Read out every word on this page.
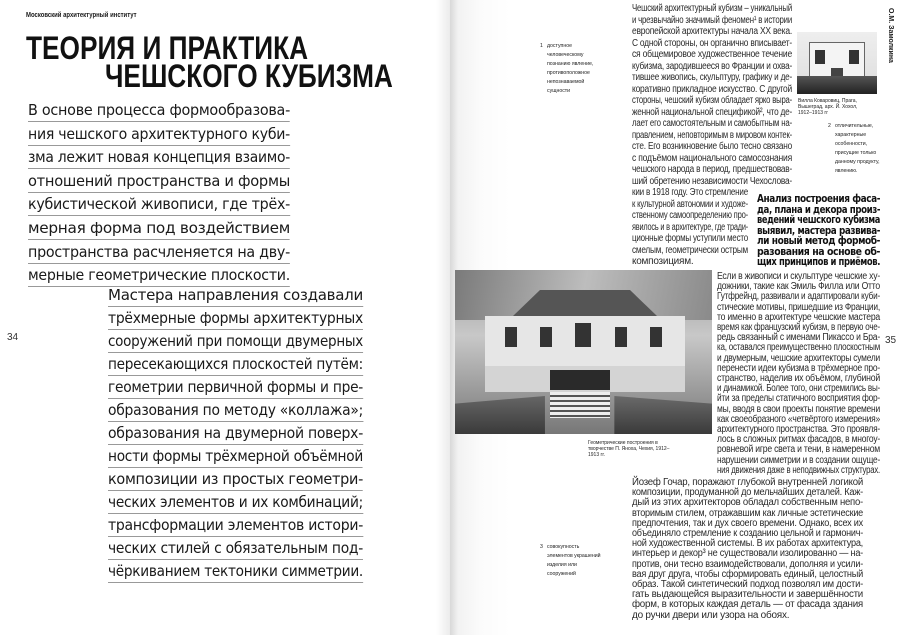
Московский архитектурный институт
ТЕОРИЯ И ПРАКТИКА
ЧЕШСКОГО КУБИЗМА
В основе процесса формообразова-
ния чешского архитектурного куби-
зма лежит новая концепция взаимо-
отношений пространства и формы
кубистической живописи, где трёх-
мерная форма под воздействием
пространства расчленяется на дву-
мерные геометрические плоскости.
Мастера направления создавали
трёхмерные формы архитектурных
сооружений при помощи двумерных
пересекающихся плоскостей путём:
геометрии первичной формы и пре-
образования по методу «коллажа»;
образования на двумерной поверх-
ности формы трёхмерной объёмной
композиции из простых геометри-
ческих элементов и их комбинаций;
трансформации элементов истори-
ческих стилей с обязательным под-
чёркиванием тектоники симметрии.
34
О.М. Замолкина
Чешский архитектурный кубизм – уникальный
и чрезвычайно значимый феномен¹ в истории
европейской архитектуры начала XX века.
С одной стороны, он органично вписывает-
ся общемировое художественное течение
кубизма, зародившееся во Франции и охва-
тившее живопись, скульптуру, графику и де-
коративно прикладное искусство. С другой
стороны, чешский кубизм обладает ярко выра-
женной национальной спецификой², что де-
лает его самостоятельным и самобытным на-
правлением, неповторимым в мировом контек-
сте. Его возникновение было тесно связано
с подъёмом национального самосознания
чешского народа в период, предшествовав-
ший обретению независимости Чехослова-
кии в 1918 году. Это стремление
к культурной автономии и художе-
ственному самоопределению про-
явилось и в архитектуре, где тради-
ционные формы уступили место
смелым, геометрически острым
композициям.
Анализ построения фаса-
да, плана и декора произ-
ведений чешского кубизма
выявил, мастера развива-
ли новый метод формоб-
разования на основе об-
щих принципов и приёмов.
Если в живописи и скульптуре чешские ху-
дожники, такие как Эмиль Филла или Отто
Гутфрейнд, развивали и адаптировали куби-
стические мотивы, пришедшие из Франции,
то именно в архитектуре чешские мастера
время как французский кубизм, в первую оче-
редь связанный с именами Пикассо и Бра-
ка, оставался преимущественно плоскостным
и двумерным, чешские архитекторы сумели
перенести идеи кубизма в трёхмерное про-
странство, наделив их объёмом, глубиной
и динамикой. Более того, они стремились вы-
йти за пределы статичного восприятия фор-
мы, вводя в свои проекты понятие времени
как своеобразного «четвёртого измерения»
архитектурного пространства. Это проявля-
лось в сложных ритмах фасадов, в многоу-
ровневой игре света и тени, в намеренном
нарушении симметрии и в создании ощуще-
ния движения даже в неподвижных структурах.
Йозеф Гочар, поражают глубокой внутренней логикой
композиции, продуманной до мельчайших деталей. Каж-
дый из этих архитекторов обладал собственным непо-
вторимым стилем, отражавшим как личные эстетические
предпочтения, так и дух своего времени. Однако, всех их
объединяло стремление к созданию цельной и гармонич-
ной художественной системы. В их работах архитектура,
интерьер и декор³ не существовали изолированно — на-
против, они тесно взаимодействовали, дополняя и усили-
вая друг друга, чтобы сформировать единый, целостный
образ. Такой синтетический подход позволял им дости-
гать выдающейся выразительности и завершённости
форм, в которых каждая деталь — от фасада здания
до ручки двери или узора на обоях.
1 доступное человеческому познанию явление, противоположное непознаваемой сущности
2 отличительные, характерные особенности, присущие только данному продукту, явлению.
3 совокупность элементов украшений изделия или сооружений
Вилла Коваровиц, Прага, Вышеград, арх. Й. Хохол, 1912–1913 гг
Геометрические построения в творчестве П. Яноха, Чехия, 1912–1913 гг.
35
